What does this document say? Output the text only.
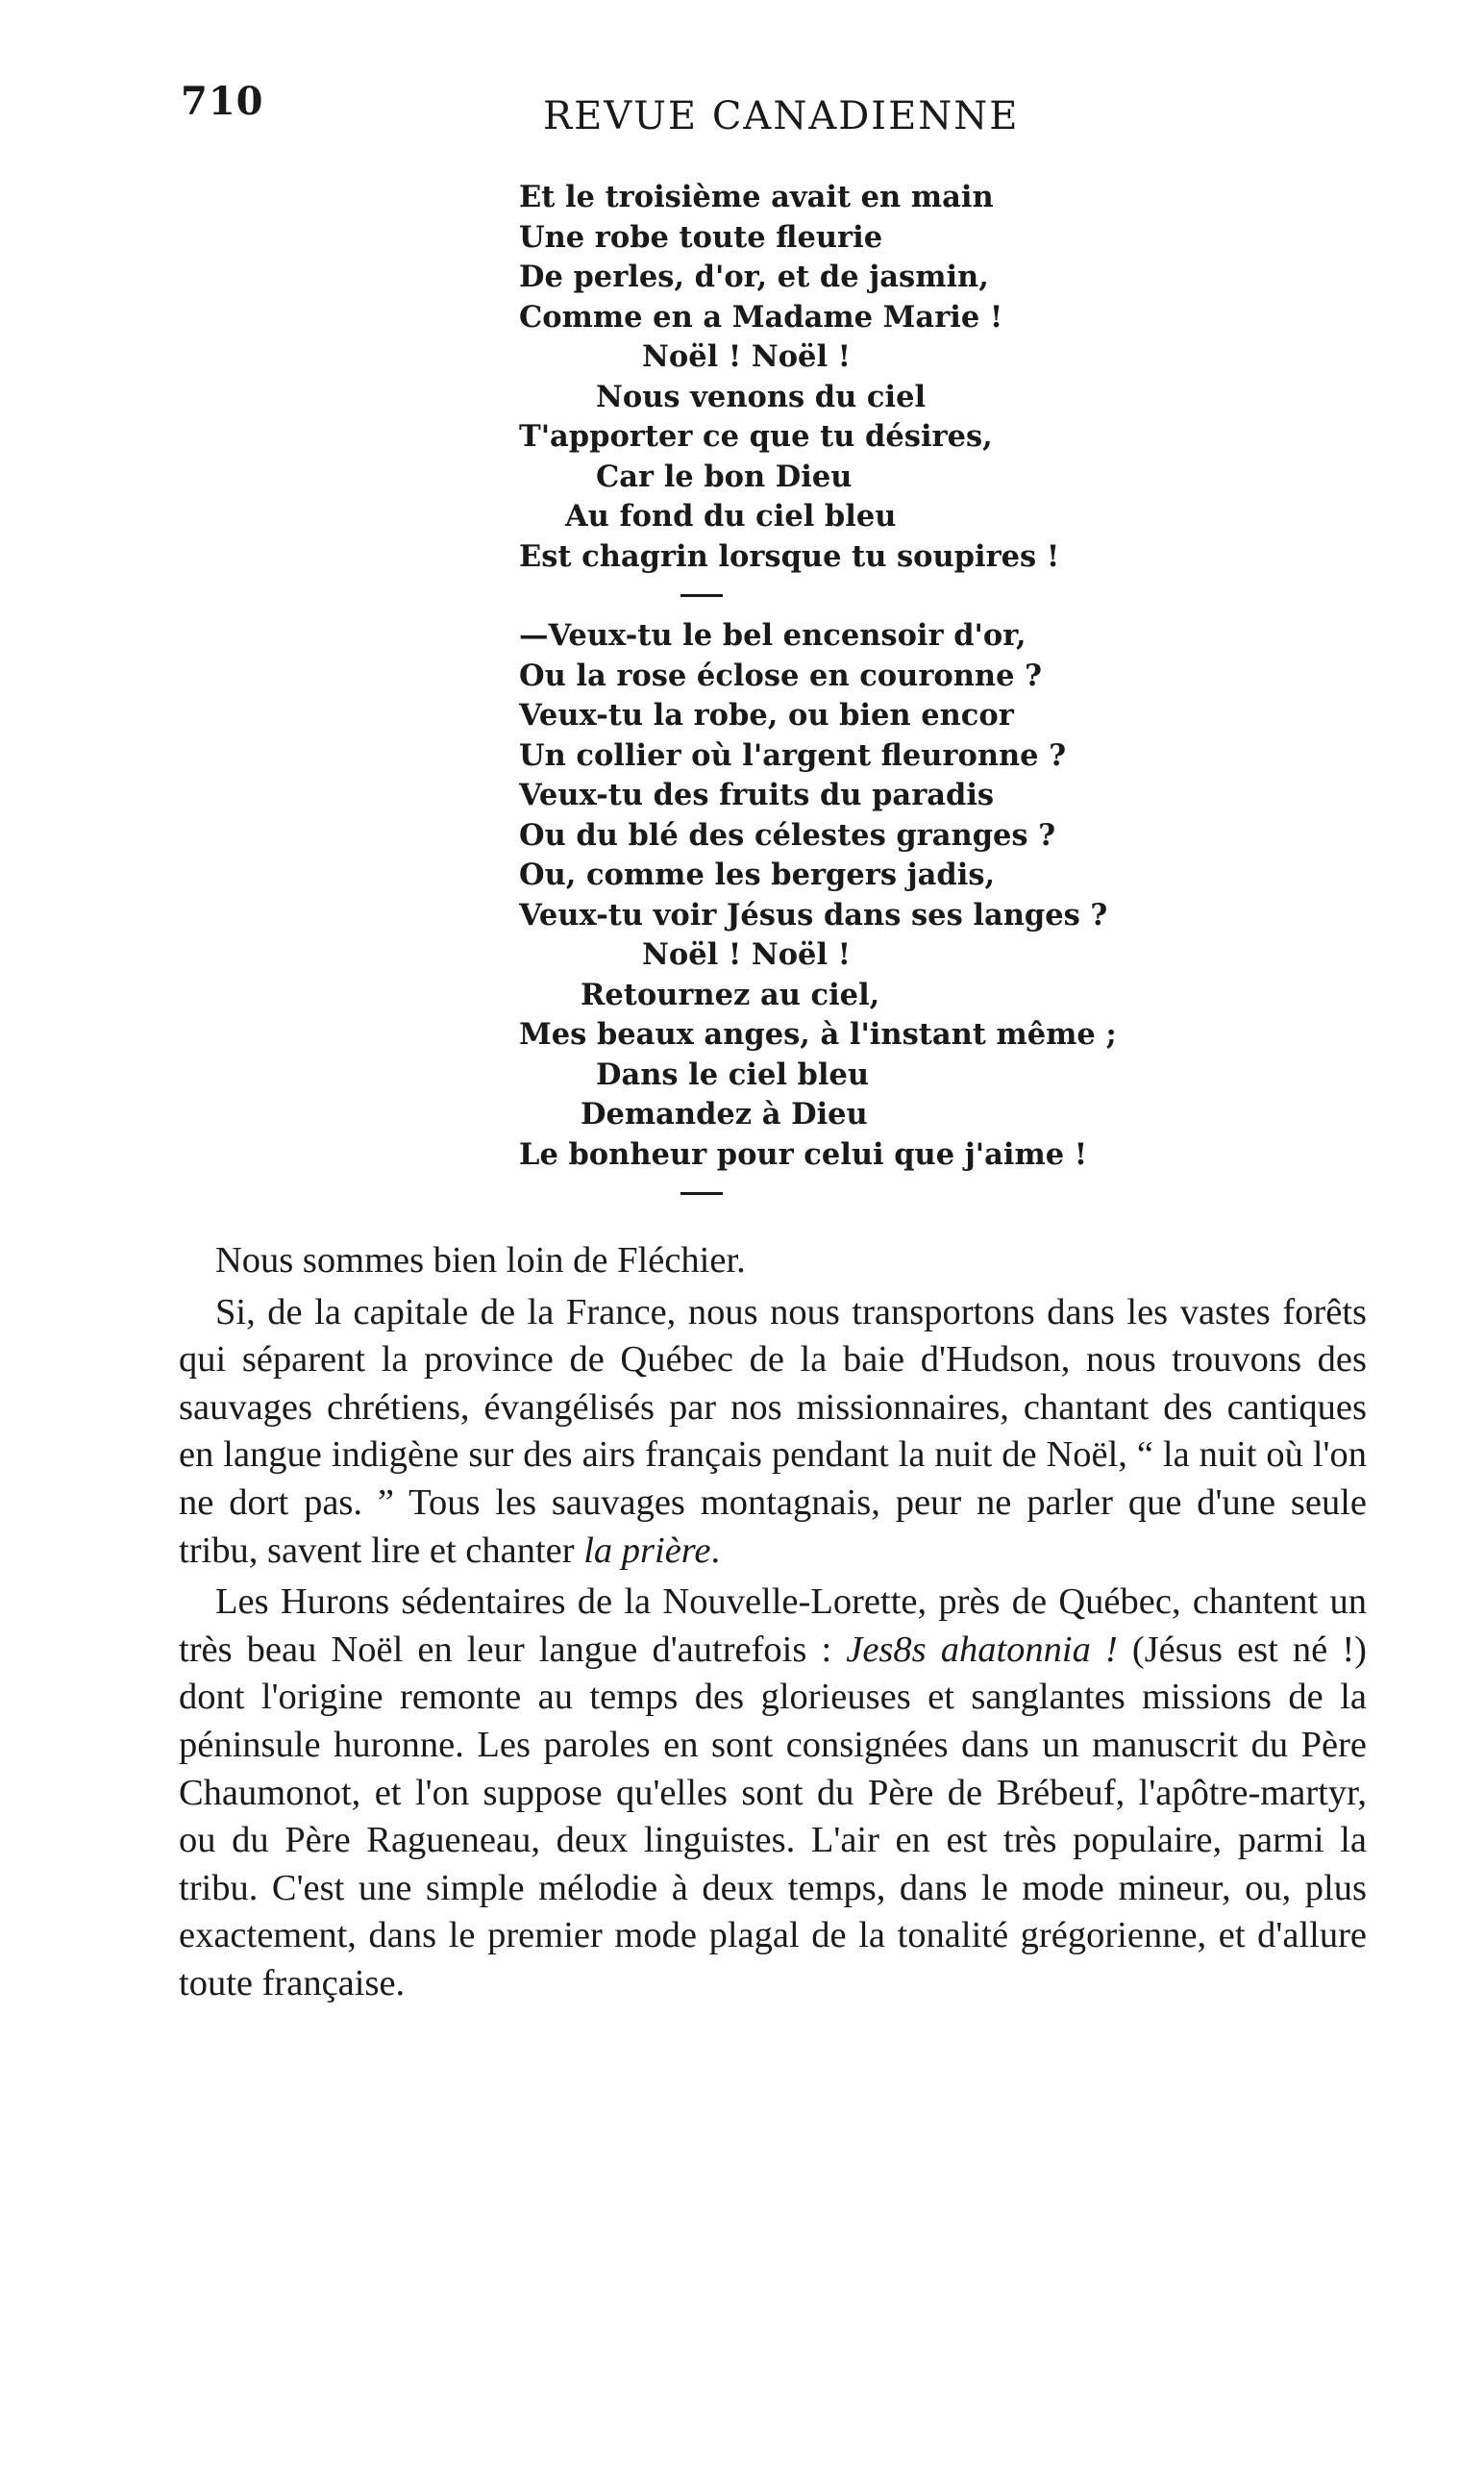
710	REVUE CANADIENNE
Et le troisième avait en main
Une robe toute fleurie
De perles, d'or, et de jasmin,
Comme en a Madame Marie !
Noël ! Noël !
Nous venons du ciel
T'apporter ce que tu désires,
Car le bon Dieu
Au fond du ciel bleu
Est chagrin lorsque tu soupires !
—Veux-tu le bel encensoir d'or,
Ou la rose éclose en couronne ?
Veux-tu la robe, ou bien encor
Un collier où l'argent fleuronne ?
Veux-tu des fruits du paradis
Ou du blé des célestes granges ?
Ou, comme les bergers jadis,
Veux-tu voir Jésus dans ses langes ?
Noël ! Noël !
Retournez au ciel,
Mes beaux anges, à l'instant même ;
Dans le ciel bleu
Demandez à Dieu
Le bonheur pour celui que j'aime !

Nous sommes bien loin de Fléchier.

Si, de la capitale de la France, nous nous transportons dans les vastes forêts qui séparent la province de Québec de la baie d'Hudson, nous trouvons des sauvages chrétiens, évangélisés par nos missionnaires, chantant des cantiques en langue indigène sur des airs français pendant la nuit de Noël, “ la nuit où l'on ne dort pas. ” Tous les sauvages montagnais, peur ne parler que d'une seule tribu, savent lire et chanter la prière.

Les Hurons sédentaires de la Nouvelle-Lorette, près de Québec, chantent un très beau Noël en leur langue d'autrefois : Jes8s ahatonnia ! (Jésus est né !) dont l'origine remonte au temps des glorieuses et sanglantes missions de la péninsule huronne. Les paroles en sont consignées dans un manuscrit du Père Chaumonot, et l'on suppose qu'elles sont du Père de Brébeuf, l'apôtre-martyr, ou du Père Ragueneau, deux linguistes. L'air en est très populaire, parmi la tribu. C'est une simple mélodie à deux temps, dans le mode mineur, ou, plus exactement, dans le premier mode plagal de la tonalité grégorienne, et d'allure toute française.
